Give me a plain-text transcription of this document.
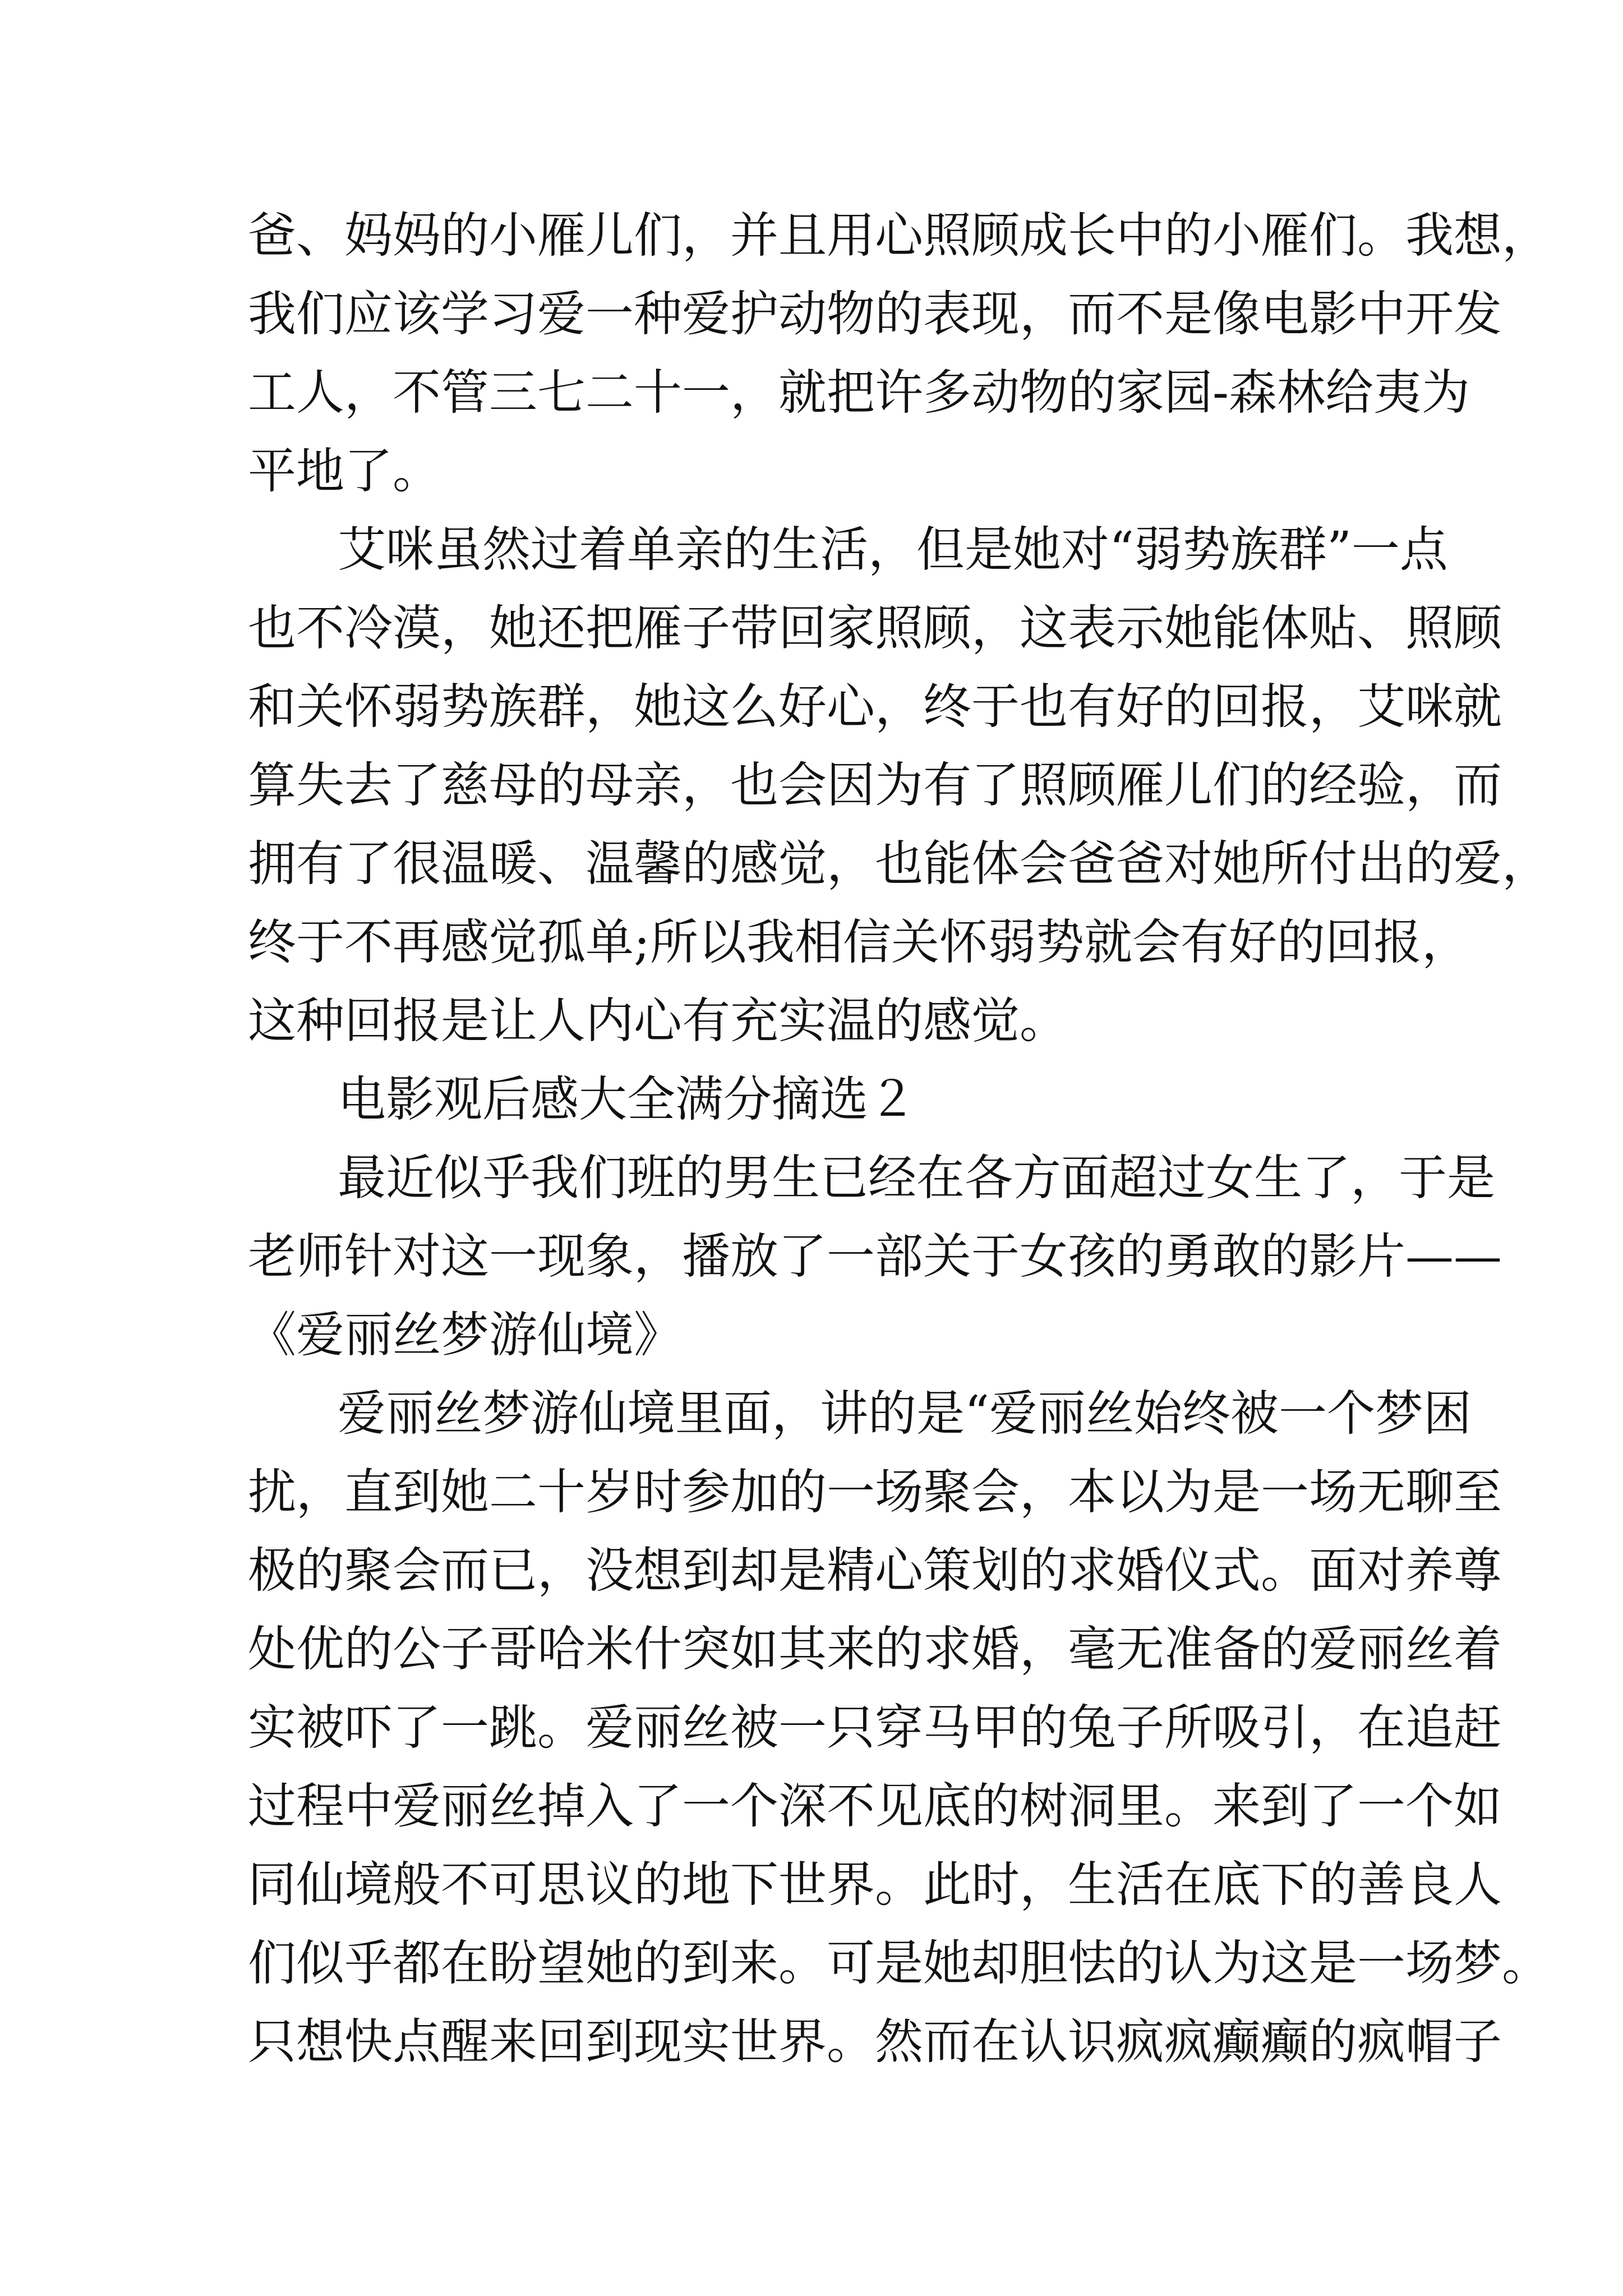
爸、妈妈的小雁儿们，并且用心照顾成长中的小雁们。我想，

我们应该学习爱一种爱护动物的表现，而不是像电影中开发

工人，不管三七二十一，就把许多动物的家园-森林给夷为

平地了。

艾咪虽然过着单亲的生活，但是她对“弱势族群”一点

也不冷漠，她还把雁子带回家照顾，这表示她能体贴、照顾

和关怀弱势族群，她这么好心，终于也有好的回报，艾咪就

算失去了慈母的母亲，也会因为有了照顾雁儿们的经验，而

拥有了很温暖、温馨的感觉，也能体会爸爸对她所付出的爱，

终于不再感觉孤单;所以我相信关怀弱势就会有好的回报，

这种回报是让人内心有充实温的感觉。

电影观后感大全满分摘选２

最近似乎我们班的男生已经在各方面超过女生了，于是

老师针对这一现象，播放了一部关于女孩的勇敢的影片——

《爱丽丝梦游仙境》

爱丽丝梦游仙境里面，讲的是“爱丽丝始终被一个梦困

扰，直到她二十岁时参加的一场聚会，本以为是一场无聊至

极的聚会而已，没想到却是精心策划的求婚仪式。面对养尊

处优的公子哥哈米什突如其来的求婚，毫无准备的爱丽丝着

实被吓了一跳。爱丽丝被一只穿马甲的兔子所吸引，在追赶

过程中爱丽丝掉入了一个深不见底的树洞里。来到了一个如

同仙境般不可思议的地下世界。此时，生活在底下的善良人

们似乎都在盼望她的到来。可是她却胆怯的认为这是一场梦。

只想快点醒来回到现实世界。然而在认识疯疯癫癫的疯帽子
